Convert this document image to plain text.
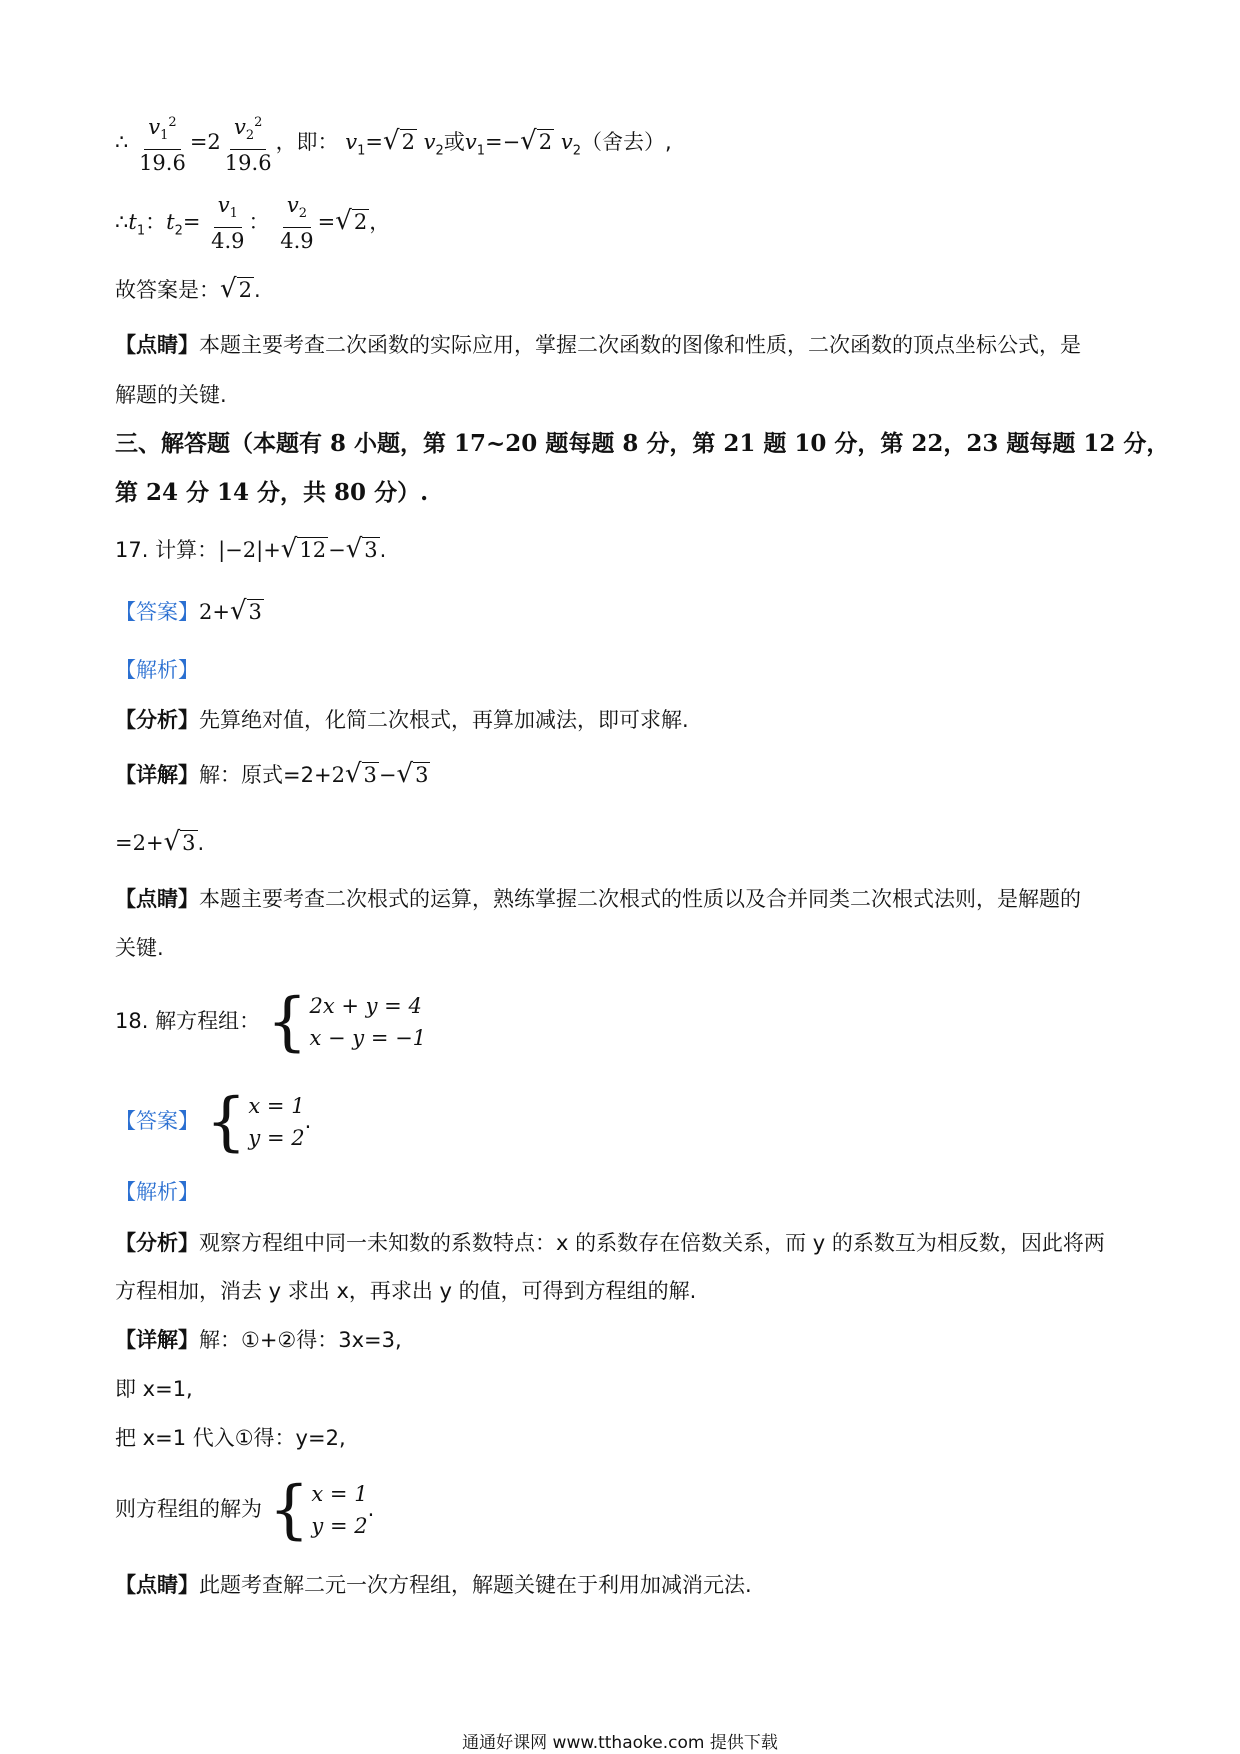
∴ $\frac{v_1^2}{19.6} =2 \frac{v_2^2}{19.6}$ ，即： $v_1=$ √ 2 $v_2$或$v_1=-$ √ 2 $v_2$（舍去）,
$\therefore t_1$：$t_2= \frac{v_1}{4.9}$ ： $\frac{v_2}{4.9}$ = √ 2 ，
故答案是： √ 2 .
【点睛】本题主要考查二次函数的实际应用，掌握二次函数的图像和性质，二次函数的顶点坐标公式，是
解题的关键.
三、解答题（本题有 8 小题，第 17~20 题每题 8 分，第 21 题 10 分，第 22，23 题每题 12 分，
第 24 分 14 分，共 80 分）.
17. 计算：|−2|+ √ 12 − √ 3 .
【答案】2+ √ 3
【解析】
【分析】先算绝对值，化简二次根式，再算加减法，即可求解.
【详解】解：原式=2+2 √ 3 − √ 3
=2+ √ 3 .
【点睛】本题主要考查二次根式的运算，熟练掌握二次根式的性质以及合并同类二次根式法则，是解题的
关键.
18. 解方程组： { 2x + y = 4
x − y = −1
【答案】 { x = 1
y = 2
.
【解析】
【分析】观察方程组中同一未知数的系数特点：x 的系数存在倍数关系，而 y 的系数互为相反数，因此将两
方程相加，消去 y 求出 x，再求出 y 的值，可得到方程组的解.
【详解】解：①+②得：3x=3,
即 x=1,
把 x=1 代入①得：y=2,
则方程组的解为 { x = 1
y = 2
.
【点睛】此题考查解二元一次方程组，解题关键在于利用加减消元法.
通通好课网 www.tthaoke.com 提供下载
